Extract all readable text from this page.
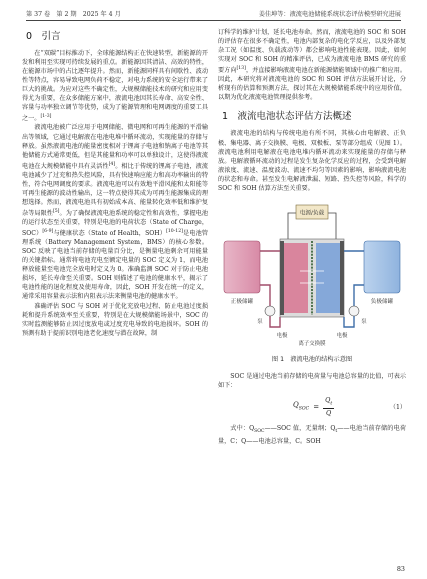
第 37 卷　第 2 期　2025 年 4 月	姜佳坤等：液流电池储能系统状态评估模型研究进展
0　引言

在“双碳”目标推动下，全球能源结构正在快速转型，新能源的开发和利用至实现可持续发展的重点。新能源因其清洁、高效的特性，在能源市场中的占比逐年提升。然而，新能源同样具有间歇性、波动性等特点，容易导致电网负荷不稳定，对电力系统的安全运行带来了巨大的挑战。为应对这些不确定性，大规模储能技术的研究和应用变得尤为重要，在众多储能方案中，液流电池因其长寿命、高安全性、容量与功率独立调节等优势，成为了能源管理和电网调度的重要工具之一。[1-3]

液流电池被广泛应用于电网储能、微电网和可再生能源的平滑输出等领域，它通过电解液在电池电堆中循环流动，实现能量的存储与释放。虽然液流电池的能量密度相对于锂离子电池和钠离子电池等其他储能方式通常更低，但是其能量和功率可以单独设计，这使得液流电池在大规模储能中具有灵活性[4]。相比于传统的锂离子电池，液流电池减少了过充和热失控风险，具有快速响应能力和高功率输出的特性，符合电网调度的要求。液流电池可以有效地平滑风能和太阳能等可再生能源的波动性输出，这一特点使得其成为可再生能源集成的理想选择。然而，液流电池具有初始成本高、能量转化效率低和维护复杂等局限性[5]。为了确保液流电池系统的稳定性和高效性，掌握电池的运行状态至关重要，特别是电池的电荷状态（State of Charge，SOC）[6-9]与健康状态（State of Health，SOH）[10-12]是电池管理系统（Battery Management System，BMS）的核心参数。SOC 反映了电池当前存储的电量百分比，是衡量电池剩余可用能量的关键指标。通常将电池充电至额定电量的 SOC 定义为 1，而电池释放能量至电池完全放电时定义为 0。准确监测 SOC 对于防止电池损坏，延长寿命至关重要。SOH 则描述了电池的健康水平，揭示了电池性能的退化程度及使用寿命，因此，SOH 开发在统一的定义，通常采用容量表示法和内阻表示法来衡量电池的健康水平。

准确评估 SOC 与 SOH 对于优化充放电过程、防止电池过度损耗和提升系统效率至关重要，特别是在大规模储能场景中，SOC 的实时监测能够防止因过度放电或过度充电导致的电池损坏。SOH 的预测有助于提前识别电池老化速度与潜在故障，制

订科学的维护计划，延长电池寿命。然而，液流电池的 SOC 和 SOH 的评估存在很多不确定性，电池内部复杂的电化学反应，以及外部复杂工况（如温度、负载波动等）都会影响电池性能表现。因此，如何实现对 SOC 和 SOH 的精准评估，已成为液流电池 BMS 研究的重要方向[13]，并直接影响液流电池在新能源储能领域中的推广和应用。因此，本研究将对液流电池的 SOC 和 SOH 评估方法展开讨论，分析现有的估算和预测方法，探讨其在大规模储能系统中的应用价值，以期为优化液流电池管理提供参考。

1　液流电池状态评估方法概述

液流电池的结构与传统电池有所不同，其核心由电解液、正负极、集电器、离子交换膜、电极、双极板、泵等部分组成（见图 1）。液流电池利用电解液在电池电堆内循环流动来实现能量的存储与释放。电解液循环流动的过程是发生复杂化学反应的过程，会受到电解液浓度、流速、温度波动、流速不均匀等因素的影响，影响液流电池的状态和寿命。甚至发生电解液泄漏、短路、热失控等风险，科学的 SOC 和 SOH 估算方法至关重要。

电源/负载
正极储罐	负极储罐
泵	泵
电极	电极
离子交换膜
图 1　液流电池的结构示意图

SOC 是通过电池当前存储的电荷量与电池总容量的比值，可表示如下：

$Q_{SOC} = \frac{Q_t}{Q}$	（1）

式中：$Q_{SOC}——SOC$ 值，无量纲；$Q_t——$电池当前存储的电荷量，C；Q——电池总容量，C。SOH

83
